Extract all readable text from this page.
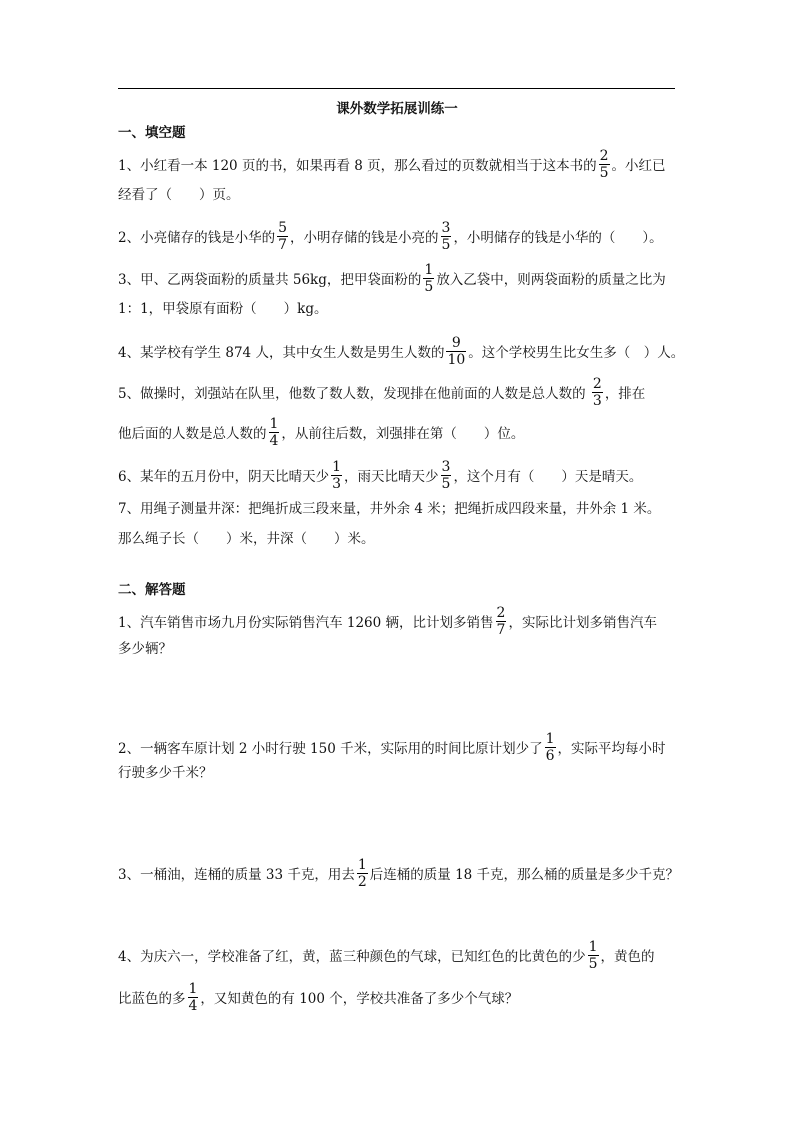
课外数学拓展训练一
一、填空题
1、小红看一本 120 页的书，如果再看 8 页，那么看过的页数就相当于这本书的 $\frac{2}{5}$ 。小红已
经看了（　　）页。
2、小亮储存的钱是小华的 $\frac{5}{7}$ ，小明存储的钱是小亮的 $\frac{3}{5}$ ，小明储存的钱是小华的（　　）。
3、甲、乙两袋面粉的质量共 56kg，把甲袋面粉的 $\frac{1}{5}$ 放入乙袋中，则两袋面粉的质量之比为
1：1，甲袋原有面粉（　　）kg。
4、某学校有学生 874 人，其中女生人数是男生人数的 $\frac{9}{10}$ 。这个学校男生比女生多（　）人。
5、做操时，刘强站在队里，他数了数人数，发现排在他前面的人数是总人数的 $\frac{2}{3}$ ，排在
他后面的人数是总人数的 $\frac{1}{4}$ ，从前往后数，刘强排在第（　　）位。
6、某年的五月份中，阴天比晴天少 $\frac{1}{3}$ ，雨天比晴天少 $\frac{3}{5}$ ，这个月有（　　）天是晴天。
7、用绳子测量井深：把绳折成三段来量，井外余 4 米；把绳折成四段来量，井外余 1 米。
那么绳子长（　　）米，井深（　　）米。
二、解答题
1、汽车销售市场九月份实际销售汽车 1260 辆，比计划多销售 $\frac{2}{7}$ ，实际比计划多销售汽车
多少辆？
2、一辆客车原计划 2 小时行驶 150 千米，实际用的时间比原计划少了 $\frac{1}{6}$ ，实际平均每小时
行驶多少千米？
3、一桶油，连桶的质量 33 千克，用去 $\frac{1}{2}$ 后连桶的质量 18 千克，那么桶的质量是多少千克？
4、为庆六一，学校准备了红，黄，蓝三种颜色的气球，已知红色的比黄色的少 $\frac{1}{5}$ ，黄色的
比蓝色的多 $\frac{1}{4}$ ，又知黄色的有 100 个，学校共准备了多少个气球？
